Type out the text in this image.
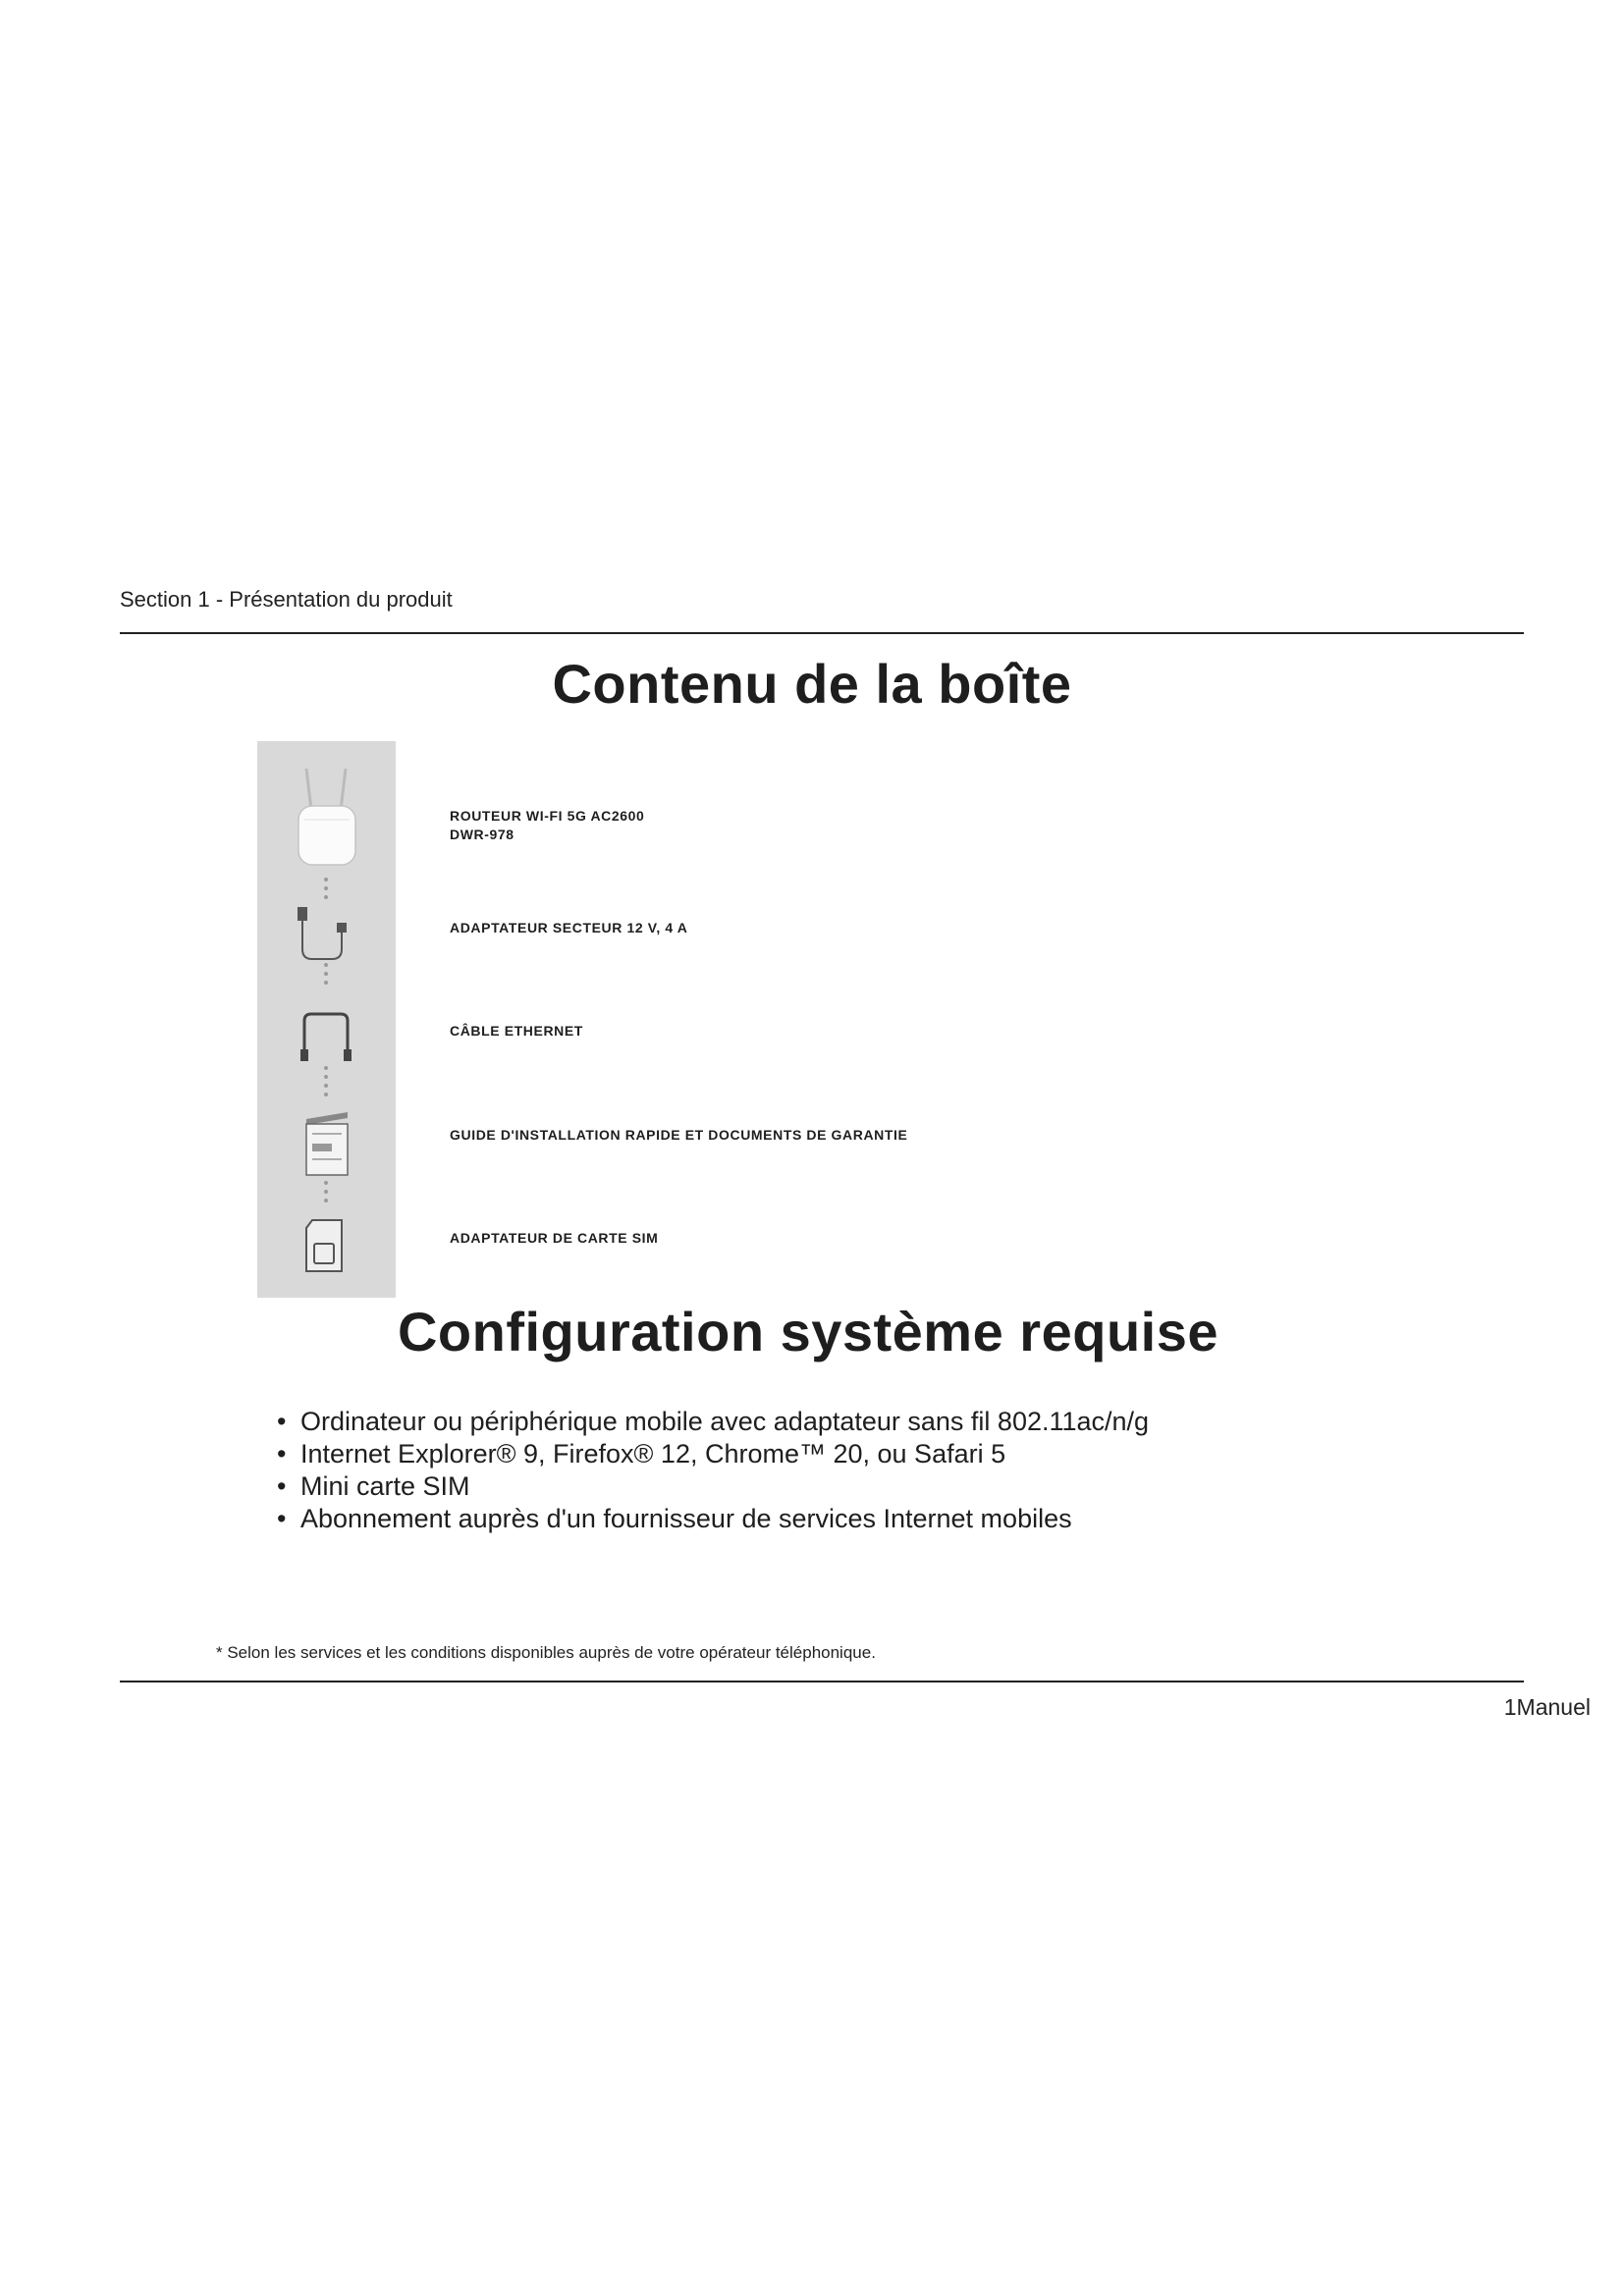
Section 1 - Présentation du produit
Contenu de la boîte
ROUTEUR WI-FI 5G AC2600
DWR-978
ADAPTATEUR SECTEUR 12 V, 4 A
CÂBLE ETHERNET
GUIDE D'INSTALLATION RAPIDE ET DOCUMENTS DE GARANTIE
ADAPTATEUR DE CARTE SIM
Configuration système requise
• Ordinateur ou périphérique mobile avec adaptateur sans fil 802.11ac/n/g
• Internet Explorer® 9, Firefox® 12, Chrome™ 20, ou Safari 5
• Mini carte SIM
• Abonnement auprès d'un fournisseur de services Internet mobiles
* Selon les services et les conditions disponibles auprès de votre opérateur téléphonique.
1Manuel
